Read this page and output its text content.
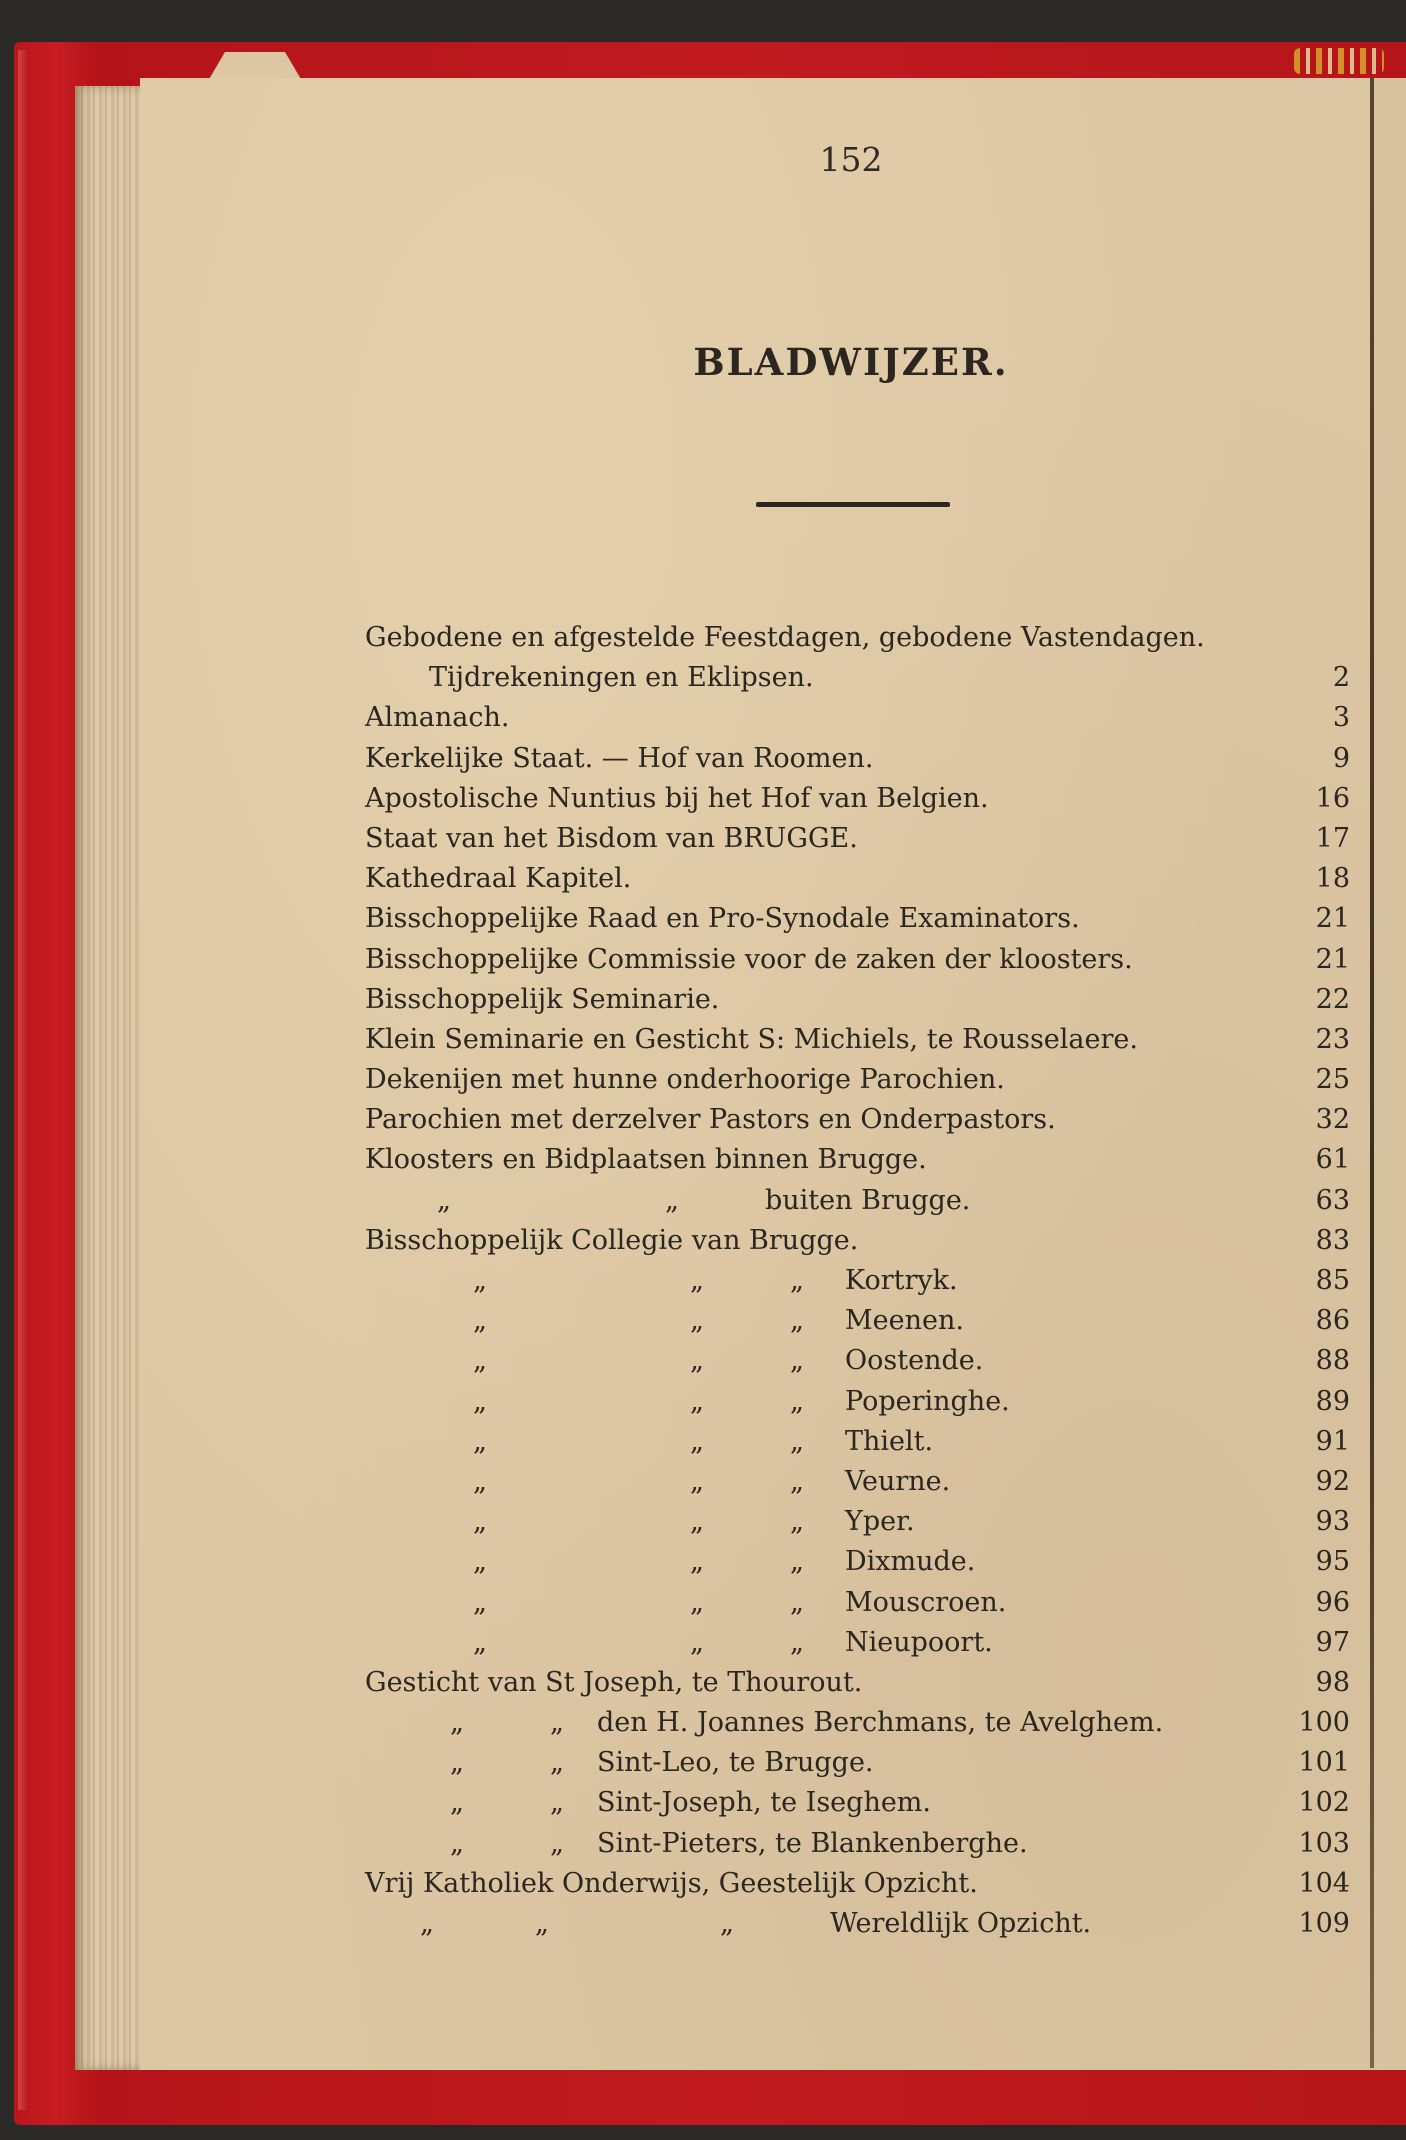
152
BLADWIJZER.
Gebodene en afgestelde Feestdagen, gebodene Vastendagen.
Tijdrekeningen en Eklipsen.	2
Almanach.	3
Kerkelijke Staat. — Hof van Roomen.	9
Apostolische Nuntius bij het Hof van Belgien.	16
Staat van het Bisdom van BRUGGE.	17
Kathedraal Kapitel.	18
Bisschoppelijke Raad en Pro-Synodale Examinators.	21
Bisschoppelijke Commissie voor de zaken der kloosters.	21
Bisschoppelijk Seminarie.	22
Klein Seminarie en Gesticht S: Michiels, te Rousselaere.	23
Dekenijen met hunne onderhoorige Parochien.	25
Parochien met derzelver Pastors en Onderpastors.	32
Kloosters en Bidplaatsen binnen Brugge.	61
„	„	buiten Brugge.	63
Bisschoppelijk Collegie van Brugge.	83
„	„	„ Kortryk.	85
„	„	„ Meenen.	86
„	„	„ Oostende.	88
„	„	„ Poperinghe.	89
„	„	„ Thielt.	91
„	„	„ Veurne.	92
„	„	„ Yper.	93
„	„	„ Dixmude.	95
„	„	„ Mouscroen.	96
„	„	„ Nieupoort.	97
Gesticht van St Joseph, te Thourout.	98
„	„ den H. Joannes Berchmans, te Avelghem.	100
„	„ Sint-Leo, te Brugge.	101
„	„ Sint-Joseph, te Iseghem.	102
„	„ Sint-Pieters, te Blankenberghe.	103
Vrij Katholiek Onderwijs, Geestelijk Opzicht.	104
„	„	„	Wereldlijk Opzicht.	109
